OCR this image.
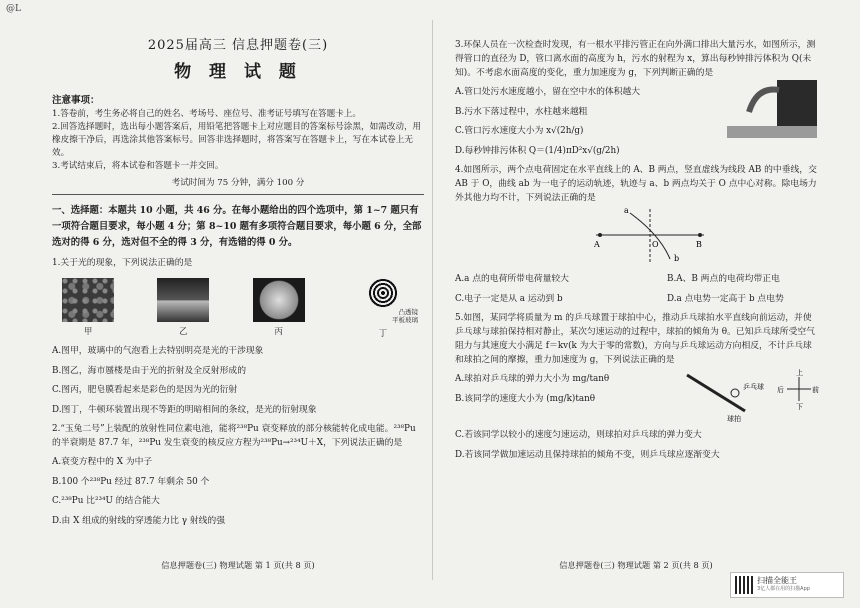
@L
2025届高三 信息押题卷(三)
物 理 试 题
注意事项：
1.答卷前，考生务必将自己的姓名、考场号、座位号、准考证号填写在答题卡上。
2.回答选择题时，选出每小题答案后，用铅笔把答题卡上对应题目的答案标号涂黑，如需改动，用橡皮擦干净后，再选涂其他答案标号。回答非选择题时，将答案写在答题卡上，写在本试卷上无效。
3.考试结束后，将本试卷和答题卡一并交回。
考试时间为 75 分钟，满分 100 分
一、选择题：本题共 10 小题，共 46 分。在每小题给出的四个选项中，第 1~7 题只有一项符合题目要求，每小题 4 分；第 8~10 题有多项符合题目要求，每小题 6 分，全部选对的得 6 分，选对但不全的得 3 分，有选错的得 0 分。
1.关于光的现象，下列说法正确的是
甲	乙	丙
凸透镜
平板玻璃
丁
A.图甲，玻璃中的气泡看上去特别明亮是光的干涉现象
B.图乙，海市蜃楼是由于光的折射及全反射形成的
C.图丙，肥皂膜看起来是彩色的是因为光的衍射
D.图丁，牛顿环装置出现不等距的明暗相间的条纹，是光的衍射现象
2.“玉兔二号”上装配的放射性同位素电池，能将²³⁸Pu 衰变释放的部分核能转化成电能。²³⁸Pu 的半衰期是 87.7 年，²³⁸Pu 发生衰变的核反应方程为²³⁸Pu→²³⁴U＋X，下列说法正确的是
A.衰变方程中的 X 为中子
B.100 个²³⁸Pu 经过 87.7 年剩余 50 个
C.²³⁸Pu 比²³⁴U 的结合能大
D.由 X 组成的射线的穿透能力比 γ 射线的强
信息押题卷(三) 物理试题 第 1 页(共 8 页)
3.环保人员在一次检查时发现，有一根水平排污管正在向外满口排出大量污水，如图所示，测得管口的直径为 D，管口离水面的高度为 h，污水的射程为 x，算出每秒钟排污体积为 Q(未知)。不考虑水面高度的变化，重力加速度为 g，下列判断正确的是
A.管口处污水速度越小，留在空中水的体积越大
B.污水下落过程中，水柱越来越粗
C.管口污水速度大小为 x√(2h/g)
D.每秒钟排污体积 Q＝(1/4)πD²x√(g/2h)
4.如图所示，两个点电荷固定在水平直线上的 A、B 两点，竖直虚线为线段 AB 的中垂线，交 AB 于 O，曲线 ab 为一电子的运动轨迹，轨迹与 a、b 两点均关于 O 点中心对称。除电场力外其他力均不计，下列说法正确的是
A	O	B
a
b
A.a 点的电荷所带电荷量较大	B.A、B 两点的电荷均带正电
C.电子一定是从 a 运动到 b	D.a 点电势一定高于 b 点电势
5.如图，某同学将质量为 m 的乒乓球置于球拍中心，推动乒乓球拍水平直线向前运动，并使乒乓球与球拍保持相对静止，某次匀速运动的过程中，球拍的倾角为 θ。已知乒乓球所受空气阻力与其速度大小满足 f＝kv(k 为大于零的常数)，方向与乒乓球运动方向相反，不计乒乓球和球拍之间的摩擦，重力加速度为 g，下列说法正确的是
乒乓球
球拍
上
下
后	前
A.球拍对乒乓球的弹力大小为 mg/tanθ
B.该同学的速度大小为 (mg/k)tanθ
C.若该同学以较小的速度匀速运动，则球拍对乒乓球的弹力变大
D.若该同学做加速运动且保持球拍的倾角不变，则乒乓球应逐渐变大
信息押题卷(三) 物理试题 第 2 页(共 8 页)
扫描全能王
3亿人都在用的扫描App
